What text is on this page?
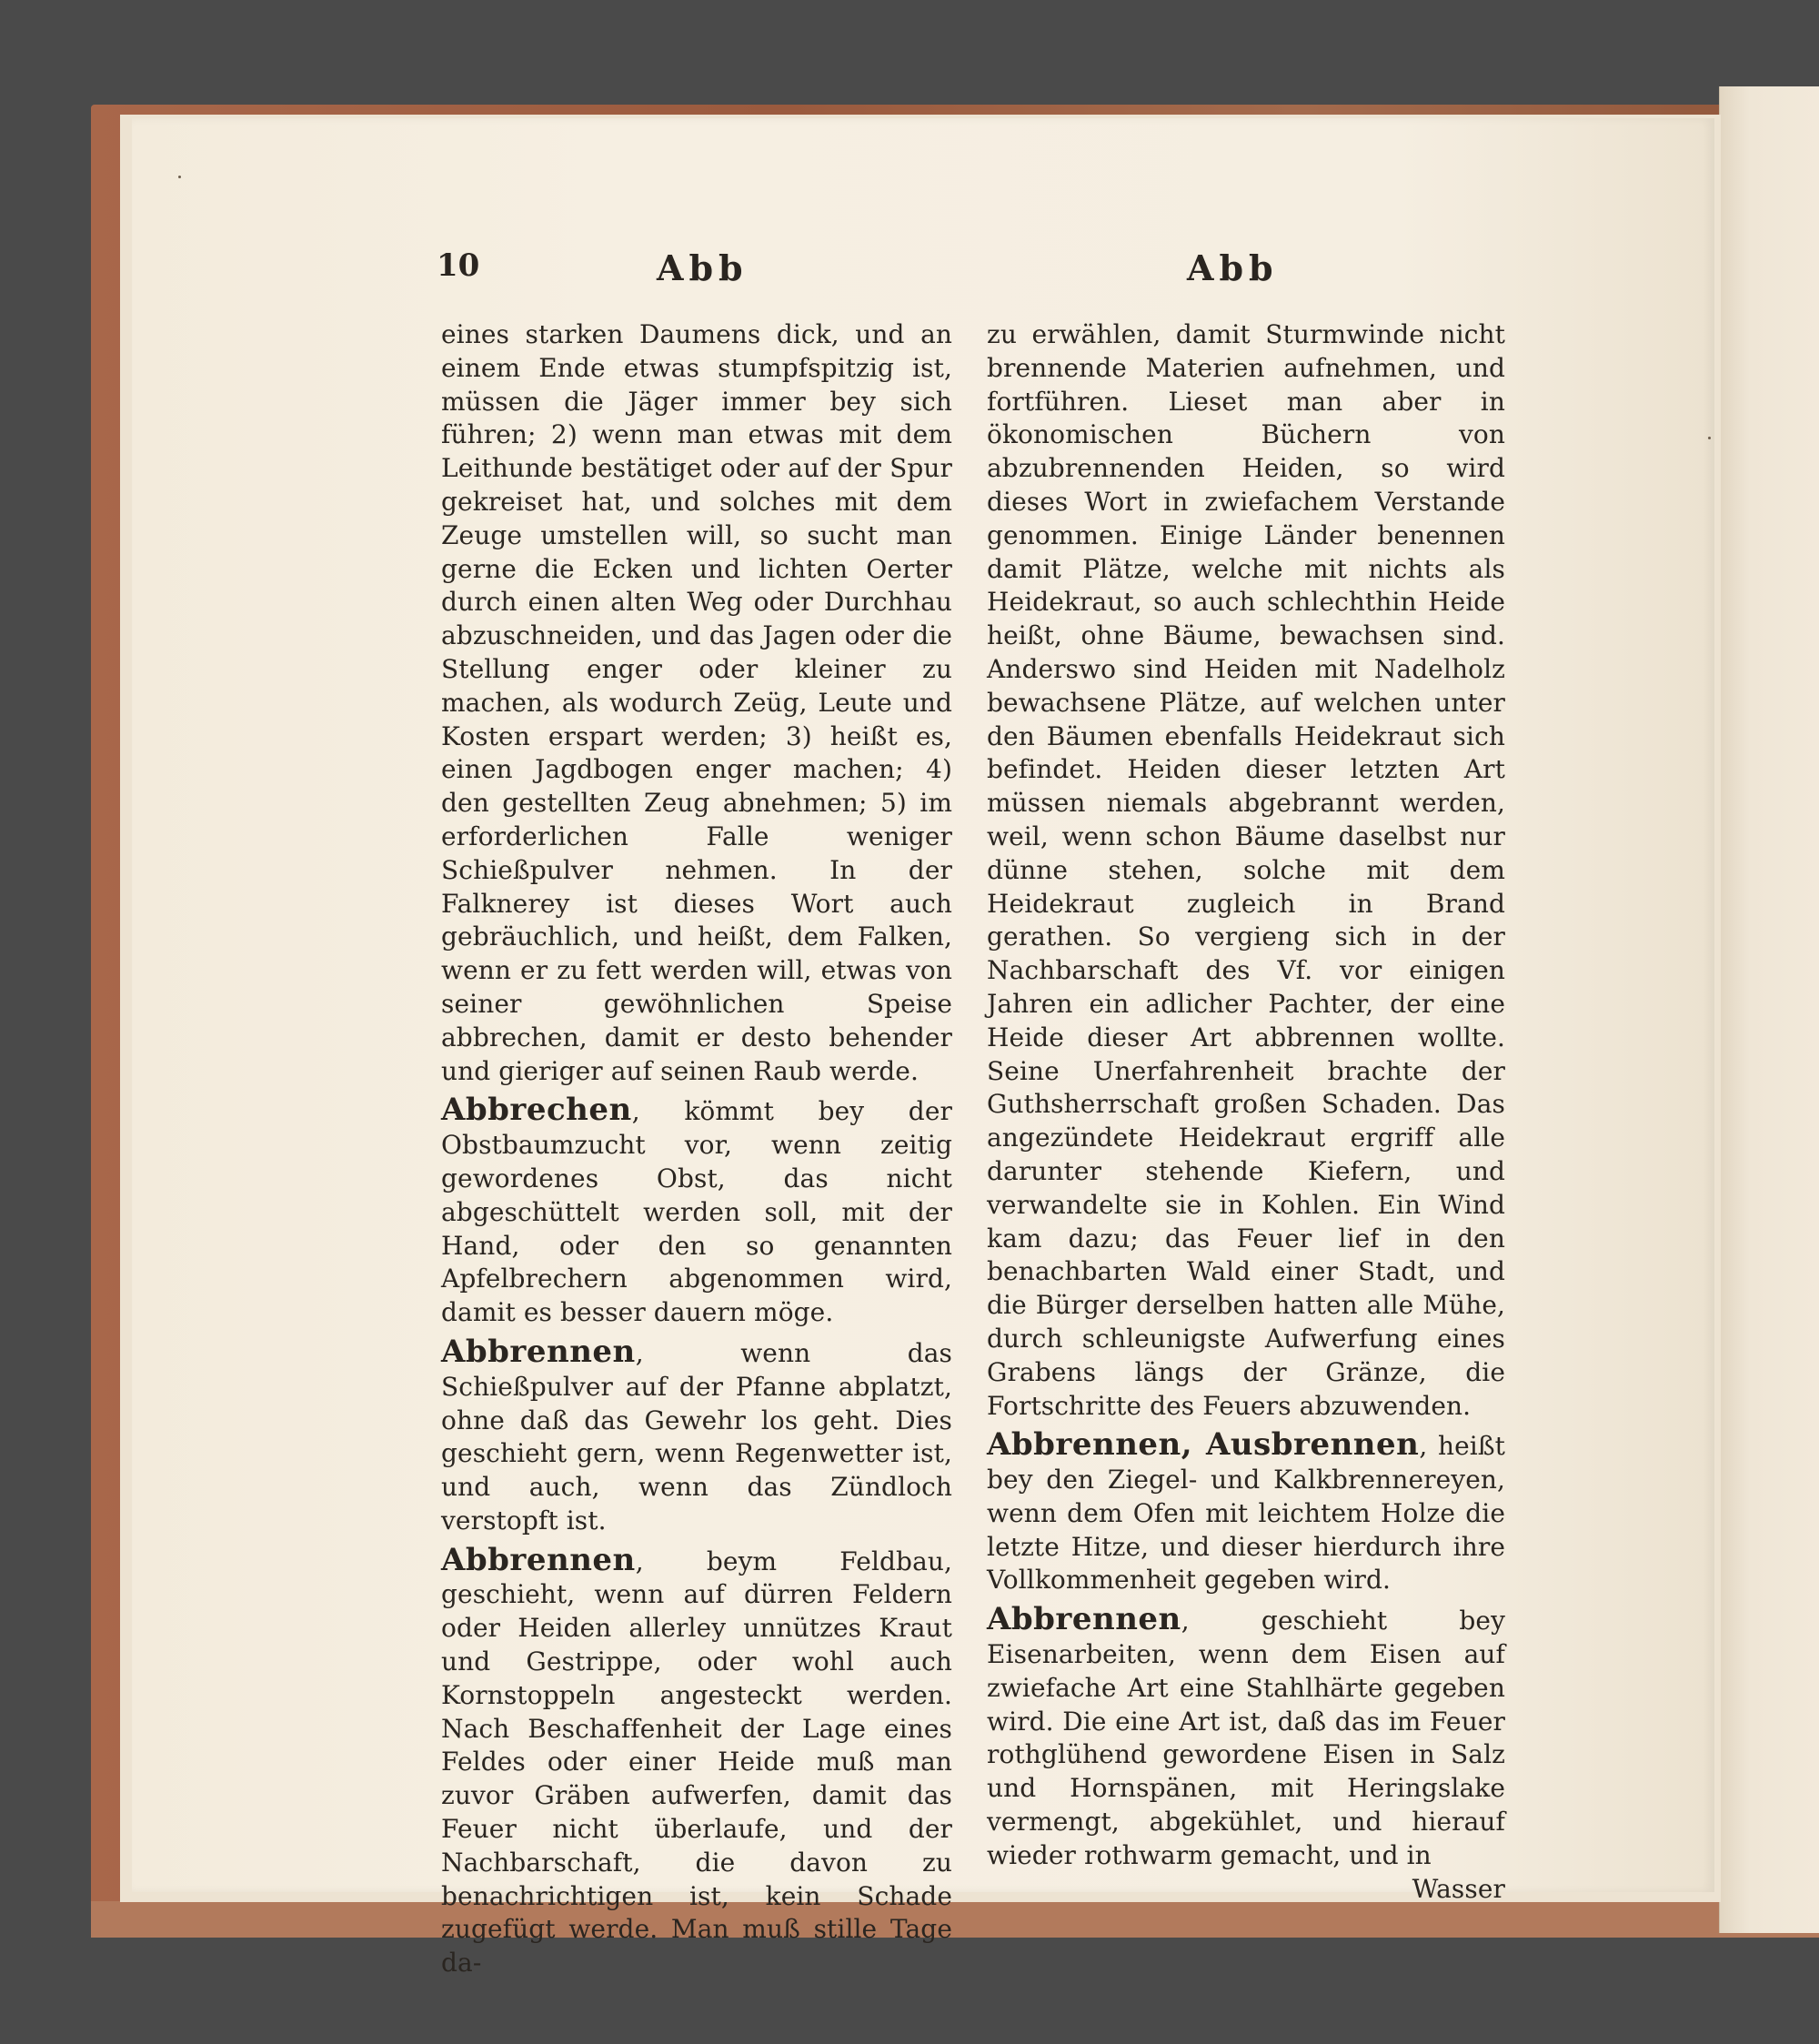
10	Abb	Abb

eines starken Daumens dick, und an einem Ende etwas stumpfspitzig ist, müssen die Jäger immer bey sich führen; 2) wenn man etwas mit dem Leithunde bestätiget oder auf der Spur gekreiset hat, und solches mit dem Zeuge umstellen will, so sucht man gerne die Ecken und lichten Oerter durch einen alten Weg oder Durchhau abzuschneiden, und das Jagen oder die Stellung enger oder kleiner zu machen, als wodurch Zeüg, Leute und Kosten erspart werden; 3) heißt es, einen Jagdbogen enger machen; 4) den gestellten Zeug abnehmen; 5) im erforderlichen Falle weniger Schießpulver nehmen. In der Falknerey ist dieses Wort auch gebräuchlich, und heißt, dem Falken, wenn er zu fett werden will, etwas von seiner gewöhnlichen Speise abbrechen, damit er desto behender und gieriger auf seinen Raub werde.

Abbrechen, kömmt bey der Obstbaumzucht vor, wenn zeitig gewordenes Obst, das nicht abgeschüttelt werden soll, mit der Hand, oder den so genannten Apfelbrechern abgenommen wird, damit es besser dauern möge.

Abbrennen, wenn das Schießpulver auf der Pfanne abplatzt, ohne daß das Gewehr los geht. Dies geschieht gern, wenn Regenwetter ist, und auch, wenn das Zündloch verstopft ist.

Abbrennen, beym Feldbau, geschieht, wenn auf dürren Feldern oder Heiden allerley unnützes Kraut und Gestrippe, oder wohl auch Kornstoppeln angesteckt werden. Nach Beschaffenheit der Lage eines Feldes oder einer Heide muß man zuvor Gräben aufwerfen, damit das Feuer nicht überlaufe, und der Nachbarschaft, die davon zu benachrichtigen ist, kein Schade zugefügt werde. Man muß stille Tage da-

zu erwählen, damit Sturmwinde nicht brennende Materien aufnehmen, und fortführen. Lieset man aber in ökonomischen Büchern von abzubrennenden Heiden, so wird dieses Wort in zwiefachem Verstande genommen. Einige Länder benennen damit Plätze, welche mit nichts als Heidekraut, so auch schlechthin Heide heißt, ohne Bäume, bewachsen sind. Anderswo sind Heiden mit Nadelholz bewachsene Plätze, auf welchen unter den Bäumen ebenfalls Heidekraut sich befindet. Heiden dieser letzten Art müssen niemals abgebrannt werden, weil, wenn schon Bäume daselbst nur dünne stehen, solche mit dem Heidekraut zugleich in Brand gerathen. So vergieng sich in der Nachbarschaft des Vf. vor einigen Jahren ein adlicher Pachter, der eine Heide dieser Art abbrennen wollte. Seine Unerfahrenheit brachte der Guthsherrschaft großen Schaden. Das angezündete Heidekraut ergriff alle darunter stehende Kiefern, und verwandelte sie in Kohlen. Ein Wind kam dazu; das Feuer lief in den benachbarten Wald einer Stadt, und die Bürger derselben hatten alle Mühe, durch schleunigste Aufwerfung eines Grabens längs der Gränze, die Fortschritte des Feuers abzuwenden.

Abbrennen, Ausbrennen, heißt bey den Ziegel- und Kalkbrennereyen, wenn dem Ofen mit leichtem Holze die letzte Hitze, und dieser hierdurch ihre Vollkommenheit gegeben wird.

Abbrennen, geschieht bey Eisenarbeiten, wenn dem Eisen auf zwiefache Art eine Stahlhärte gegeben wird. Die eine Art ist, daß das im Feuer rothglühend gewordene Eisen in Salz und Hornspänen, mit Heringslake vermengt, abgekühlet, und hierauf wieder rothwarm gemacht, und in

Wasser
